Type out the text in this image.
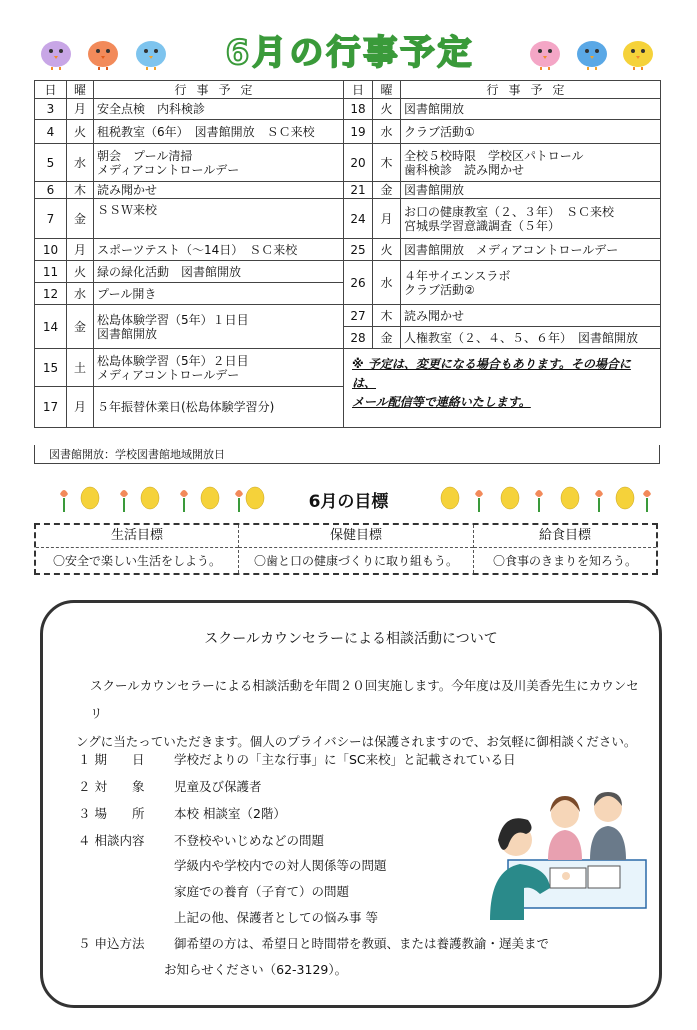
6月の行事予定
日	曜	行事予定
3	月	安全点検　内科検診
4	火	租税教室（6年）　図書館開放　ＳＣ来校
5	水	朝会　プール清掃
メディアコントロールデー

6	木	読み聞かせ
7	金	ＳＳＷ来校

10	月	スポーツテスト（～14日）　ＳＣ来校
11	火	緑の緑化活動　図書館開放
12	水	プール開き
14	金	松島体験学習（5年）１日目
図書館開放

15	土	松島体験学習（5年）２日目
メディアコントロールデー

17	月	５年振替休業日(松島体験学習分)
日	曜	行事予定
18	火	図書館開放
19	水	クラブ活動①
20	木	全校５校時限　学校区パトロール
歯科検診　読み聞かせ

21	金	図書館開放
24	月	お口の健康教室（２、３年）　ＳＣ来校
宮城県学習意識調査（５年）

25	火	図書館開放　メディアコントロールデー
26	水	４年サイエンスラボ
クラブ活動②

27	木	読み聞かせ
28	金	人権教室（２、４、５、６年）　図書館開放
※ 予定は、変更になる場合もあります。その場合には、
メール配信等で連絡いたします。		
図書館開放：学校図書館地域開放日
6月の目標
生活目標
〇安全で楽しい生活をしよう。
保健目標
〇歯と口の健康づくりに取り組もう。
給食目標
〇食事のきまりを知ろう。
スクールカウンセラーによる相談活動について
スクールカウンセラーによる相談活動を年間２０回実施します。今年度は及川美香先生にカウンセリ
ングに当たっていただきます。個人のプライバシーは保護されますので、お気軽に御相談ください。
１ 期　　日 学校だよりの「主な行事」に「SC来校」と記載されている日
２ 対　　象 児童及び保護者
３ 場　　所 本校 相談室（2階）
４ 相談内容 不登校やいじめなどの問題
学級内や学校内での対人関係等の問題
家庭での養育（子育て）の問題
上記の他、保護者としての悩み事 等
５ 申込方法 御希望の方は、希望日と時間帯を教頭、または養護教諭・遅美まで
お知らせください（62-3129）。
